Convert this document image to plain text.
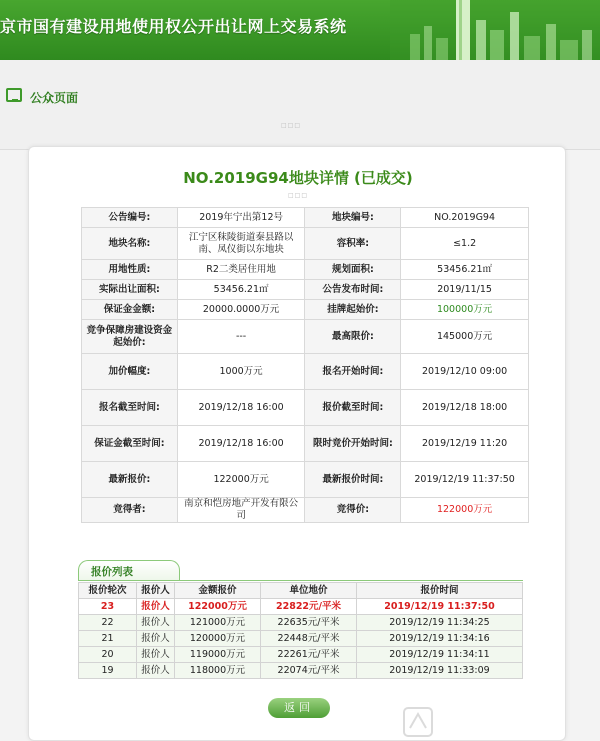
京市国有建设用地使用权公开出让网上交易系统
公众页面
□□□
NO.2019G94地块详情 (已成交)
□□□
公告编号:	2019年宁出第12号	地块编号:	NO.2019G94
地块名称:	江宁区秣陵街道秦县路以南、凤仪街以东地块	容积率:	≤1.2
用地性质:	R2二类居住用地	规划面积:	53456.21㎡
实际出让面积:	53456.21㎡	公告发布时间:	2019/11/15
保证金金额:	20000.0000万元	挂牌起始价:	100000万元
竞争保障房建设资金起始价:	---	最高限价:	145000万元
加价幅度:	1000万元	报名开始时间:	2019/12/10 09:00
报名截至时间:	2019/12/18 16:00	报价截至时间:	2019/12/18 18:00
保证金截至时间:	2019/12/18 16:00	限时竞价开始时间:	2019/12/19 11:20
最新报价:	122000万元	最新报价时间:	2019/12/19 11:37:50
竞得者:	南京和恺房地产开发有限公司	竞得价:	122000万元
报价列表
报价轮次	报价人	金额报价	单位地价	报价时间
23	报价人	122000万元	22822元/平米	2019/12/19 11:37:50
22	报价人	121000万元	22635元/平米	2019/12/19 11:34:25
21	报价人	120000万元	22448元/平米	2019/12/19 11:34:16
20	报价人	119000万元	22261元/平米	2019/12/19 11:34:11
19	报价人	118000万元	22074元/平米	2019/12/19 11:33:09
返回
